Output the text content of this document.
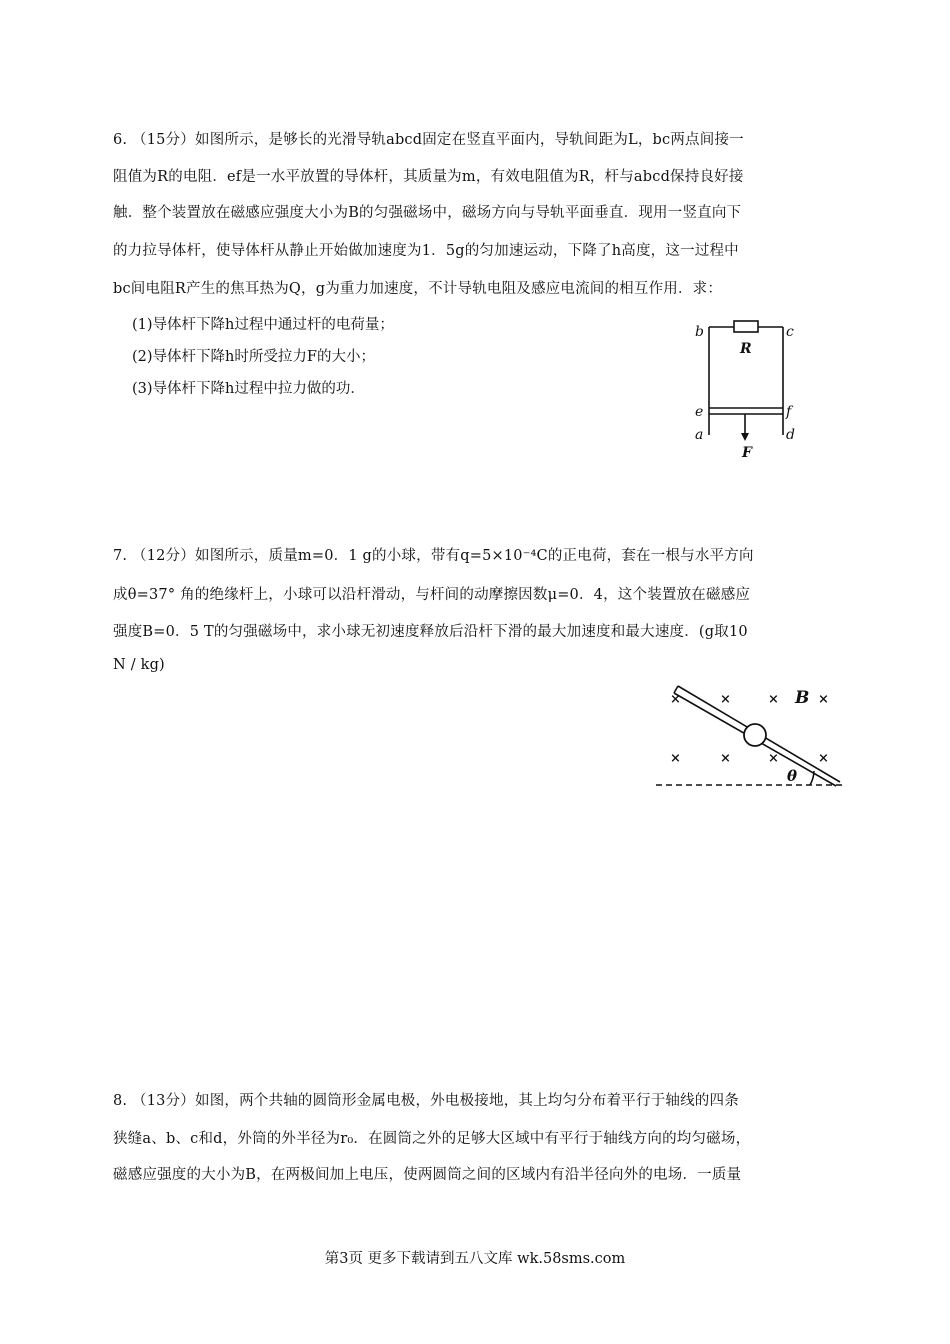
6. （15分）如图所示，是够长的光滑导轨abcd固定在竖直平面内，导轨间距为L，bc两点间接一
阻值为R的电阻．ef是一水平放置的导体杆，其质量为m，有效电阻值为R，杆与abcd保持良好接
触．整个装置放在磁感应强度大小为B的匀强磁场中，磁场方向与导轨平面垂直．现用一竖直向下
的力拉导体杆，使导体杆从静止开始做加速度为1．5g的匀加速运动，下降了h高度，这一过程中
bc间电阻R产生的焦耳热为Q，g为重力加速度，不计导轨电阻及感应电流间的相互作用．求：
(1)导体杆下降h过程中通过杆的电荷量；
(2)导体杆下降h时所受拉力F的大小；
(3)导体杆下降h过程中拉力做的功．
b	c
R
e	f
a	d
F
7. （12分）如图所示，质量m=0．1 g的小球，带有q=5×10⁻⁴C的正电荷，套在一根与水平方向
成θ=37° 角的绝缘杆上，小球可以沿杆滑动，与杆间的动摩擦因数μ=0．4，这个装置放在磁感应
强度B=0．5 T的匀强磁场中，求小球无初速度释放后沿杆下滑的最大加速度和最大速度．(g取10
N / kg)
×	×	×	×
×	×	×	×
B
θ
8. （13分）如图，两个共轴的圆筒形金属电极，外电极接地，其上均匀分布着平行于轴线的四条
狭缝a、b、c和d，外筒的外半径为r₀．在圆筒之外的足够大区域中有平行于轴线方向的均匀磁场，
磁感应强度的大小为B，在两极间加上电压，使两圆筒之间的区域内有沿半径向外的电场．一质量
第3页 更多下载请到五八文库 wk.58sms.com
